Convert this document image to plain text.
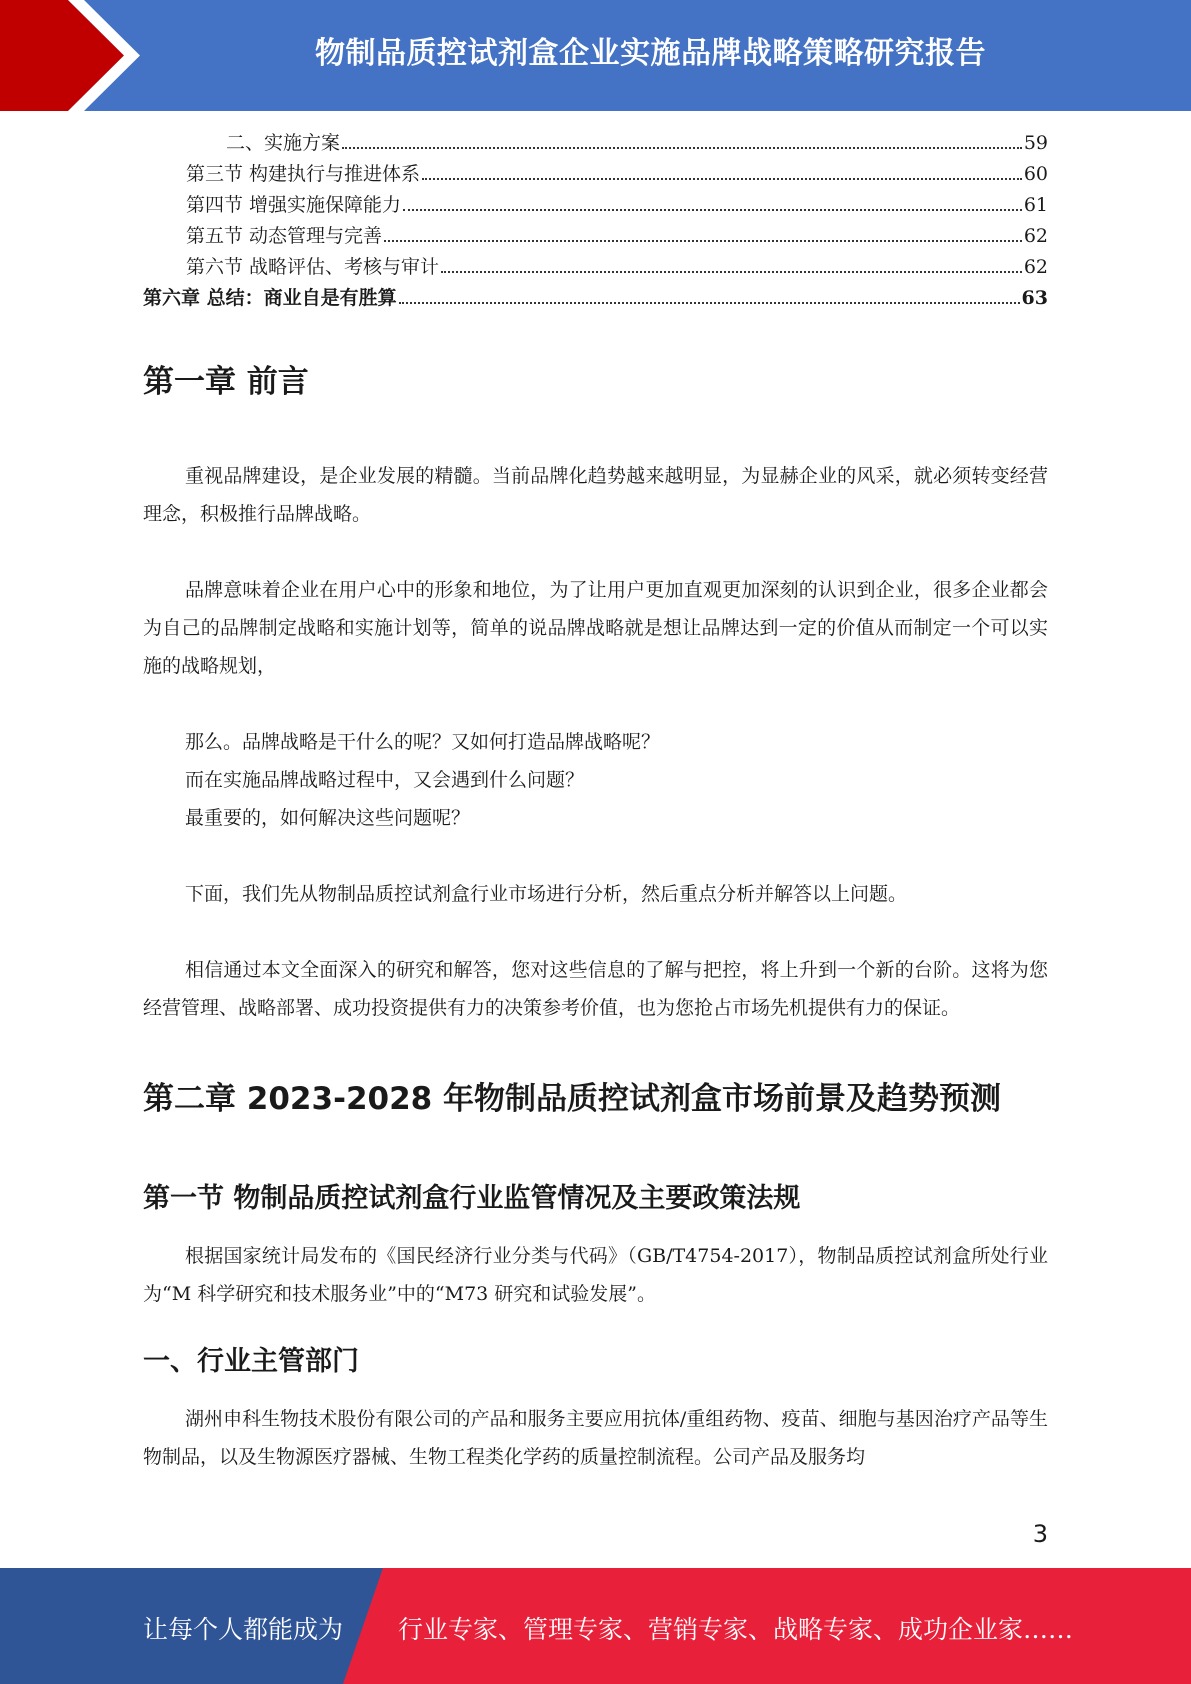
物制品质控试剂盒企业实施品牌战略策略研究报告
二、实施方案	59
第三节 构建执行与推进体系	60
第四节 增强实施保障能力	61
第五节 动态管理与完善	62
第六节 战略评估、考核与审计	62
第六章 总结：商业自是有胜算	63
第一章 前言

重视品牌建设，是企业发展的精髓。当前品牌化趋势越来越明显，为显赫企业的风采，就必须转变经营理念，积极推行品牌战略。

品牌意味着企业在用户心中的形象和地位，为了让用户更加直观更加深刻的认识到企业，很多企业都会为自己的品牌制定战略和实施计划等，简单的说品牌战略就是想让品牌达到一定的价值从而制定一个可以实施的战略规划，

那么。品牌战略是干什么的呢？又如何打造品牌战略呢？

而在实施品牌战略过程中，又会遇到什么问题？

最重要的，如何解决这些问题呢？

下面，我们先从物制品质控试剂盒行业市场进行分析，然后重点分析并解答以上问题。

相信通过本文全面深入的研究和解答，您对这些信息的了解与把控，将上升到一个新的台阶。这将为您经营管理、战略部署、成功投资提供有力的决策参考价值，也为您抢占市场先机提供有力的保证。

第二章 2023-2028 年物制品质控试剂盒市场前景及趋势预测
第一节 物制品质控试剂盒行业监管情况及主要政策法规

根据国家统计局发布的《国民经济行业分类与代码》（GB/T4754-2017），物制品质控试剂盒所处行业为“M 科学研究和技术服务业”中的“M73 研究和试验发展”。

一、行业主管部门

湖州申科生物技术股份有限公司的产品和服务主要应用抗体/重组药物、疫苗、细胞与基因治疗产品等生物制品，以及生物源医疗器械、生物工程类化学药的质量控制流程。公司产品及服务均

3
让每个人都能成为 行业专家、管理专家、营销专家、战略专家、成功企业家……
